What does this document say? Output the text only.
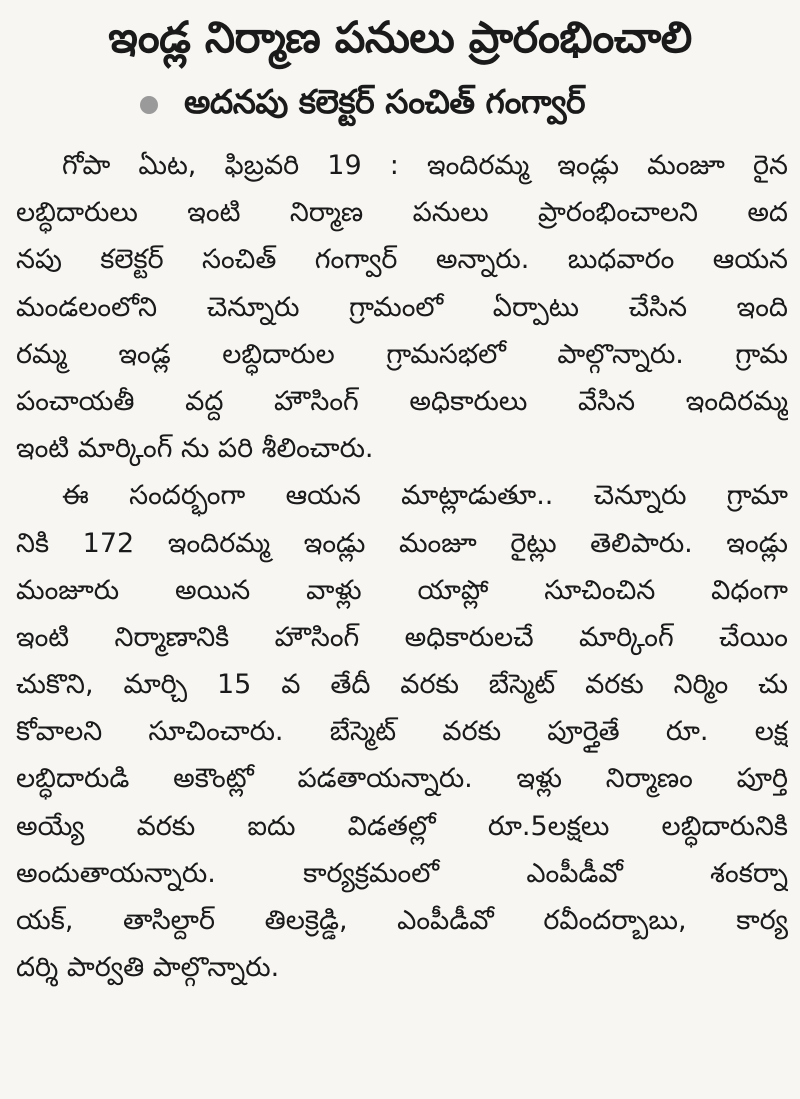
ఇండ్ల నిర్మాణ పనులు ప్రారంభించాలి
అదనపు కలెక్టర్ సంచిత్ గంగ్వార్
గోపా ఏుట, ఫిబ్రవరి 19 : ఇందిరమ్మ ఇండ్లు మంజూ రైన
లబ్ధిదారులు ఇంటి నిర్మాణ పనులు ప్రారంభించాలని అద
నపు కలెక్టర్ సంచిత్ గంగ్వార్ అన్నారు. బుధవారం ఆయన
మండలంలోని చెన్నూరు గ్రామంలో ఏర్పాటు చేసిన ఇంది
రమ్మ ఇండ్ల లబ్ధిదారుల గ్రామసభలో పాల్గొన్నారు. గ్రామ
పంచాయతీ వద్ద హౌసింగ్ అధికారులు వేసిన ఇందిరమ్మ
ఇంటి మార్కింగ్ ను పరి శీలించారు.
ఈ సందర్భంగా ఆయన మాట్లాడుతూ.. చెన్నూరు గ్రామా
నికి 172 ఇందిరమ్మ ఇండ్లు మంజూ రైట్లు తెలిపారు. ఇండ్లు
మంజూరు అయిన వాళ్లు యాప్లో సూచించిన విధంగా
ఇంటి నిర్మాణానికి హౌసింగ్ అధికారులచే మార్కింగ్ చేయిం
చుకొని, మార్చి 15 వ తేదీ వరకు బేస్మెట్ వరకు నిర్మిం చు
కోవాలని సూచించారు. బేస్మెట్ వరకు పూర్తైతే రూ. లక్ష
లబ్ధిదారుడి అకౌంట్లో పడతాయన్నారు. ఇళ్లు నిర్మాణం పూర్తి
అయ్యే వరకు ఐదు విడతల్లో రూ.5లక్షలు లబ్ధిదారునికి
అందుతాయన్నారు. కార్యక్రమంలో ఎంపీడీవో శంకర్నా
యక్, తాసిల్దార్ తిలక్రెడ్డి, ఎంపీడీవో రవీందర్బాబు, కార్య
దర్శి పార్వతి పాల్గొన్నారు.
